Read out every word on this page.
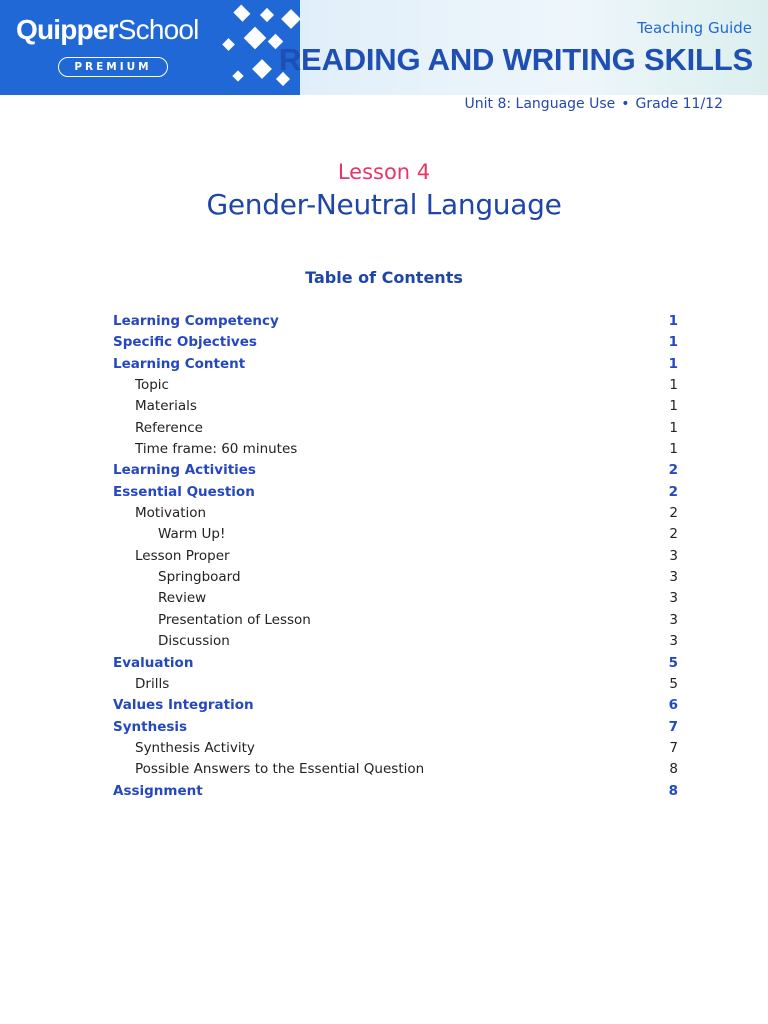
QuipperSchool
PREMIUM
Teaching Guide
READING AND WRITING SKILLS
Unit 8: Language Use • Grade 11/12
Lesson 4
Gender-Neutral Language
Table of Contents
Learning Competency	1
Specific Objectives	1
Learning Content	1
Topic	1
Materials	1
Reference	1
Time frame: 60 minutes	1
Learning Activities	2
Essential Question	2
Motivation	2
Warm Up!	2
Lesson Proper	3
Springboard	3
Review	3
Presentation of Lesson	3
Discussion	3
Evaluation	5
Drills	5
Values Integration	6
Synthesis	7
Synthesis Activity	7
Possible Answers to the Essential Question	8
Assignment	8
